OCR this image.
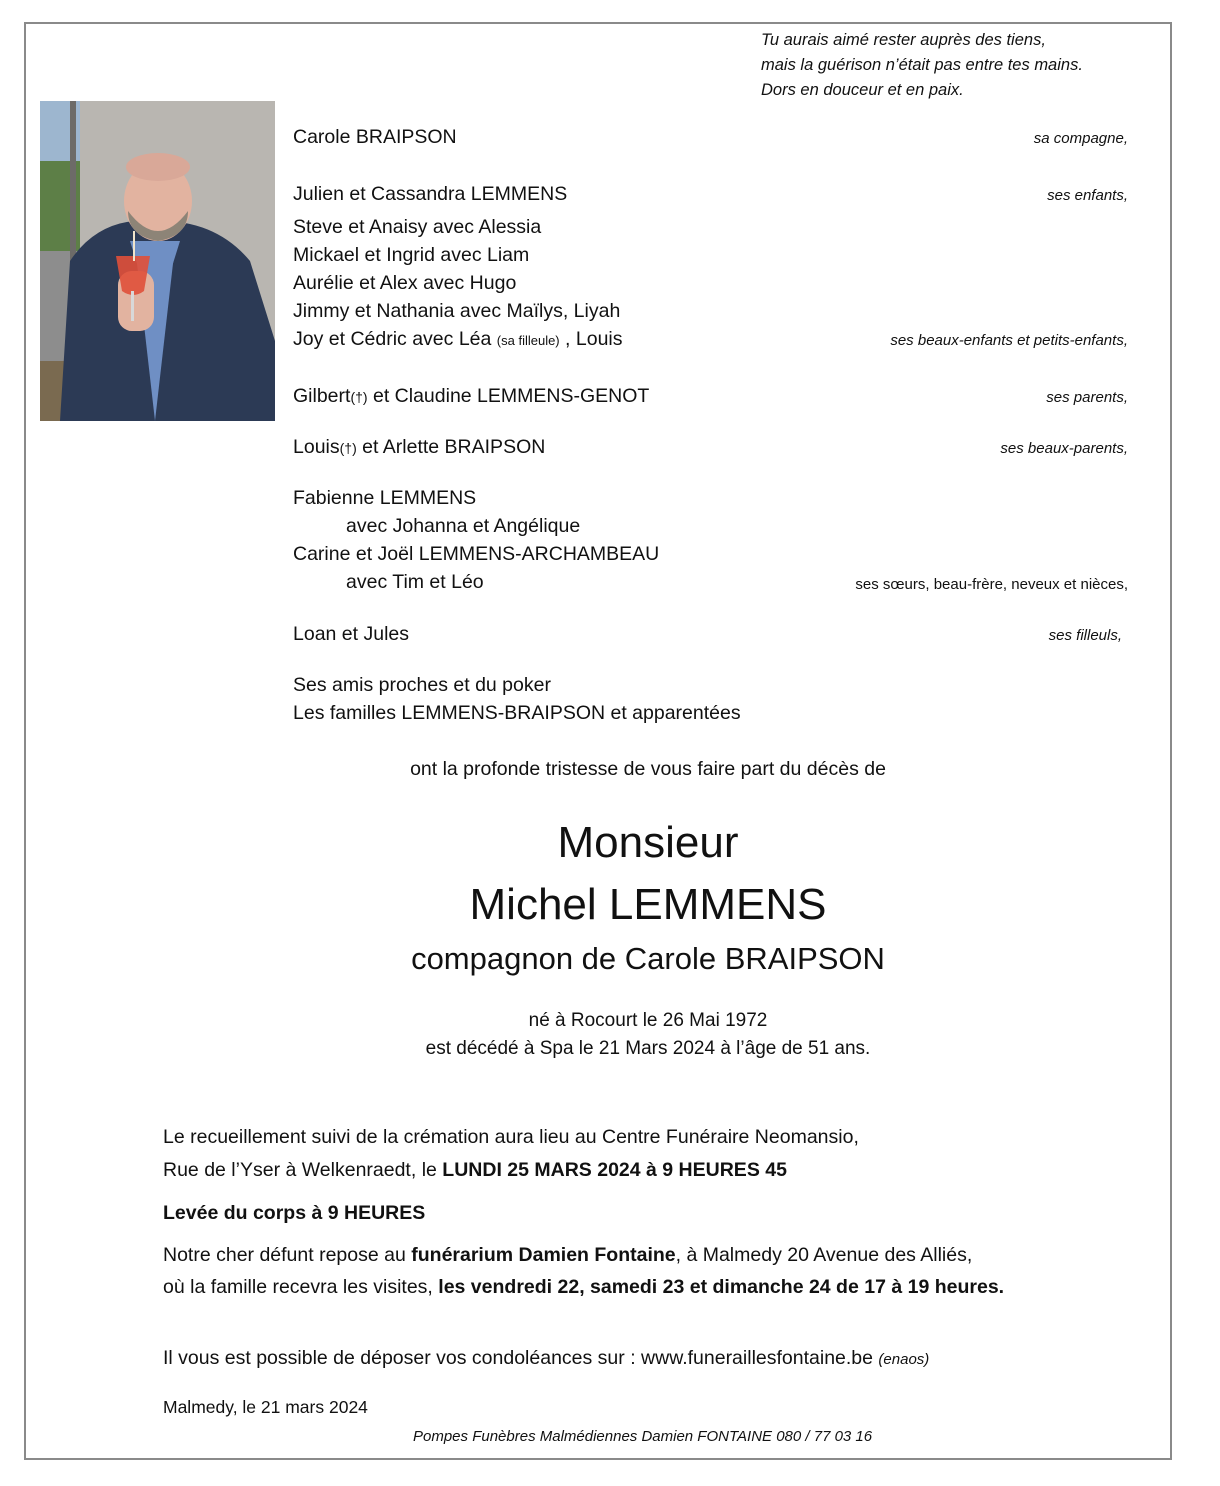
Tu aurais aimé rester auprès des tiens,
mais la guérison n’était pas entre tes mains.
Dors en douceur et en paix.
Carole BRAIPSON	sa compagne,
Julien et Cassandra LEMMENS	ses enfants,
Steve et Anaisy avec Alessia
Mickael et Ingrid avec Liam
Aurélie et Alex avec Hugo
Jimmy et Nathania avec Maïlys, Liyah
Joy et Cédric avec Léa (sa filleule) , Louis	ses beaux-enfants et petits-enfants,
Gilbert(†) et Claudine LEMMENS-GENOT	ses parents,
Louis(†) et Arlette BRAIPSON	ses beaux-parents,
Fabienne LEMMENS
avec Johanna et Angélique
Carine et Joël LEMMENS-ARCHAMBEAU
avec Tim et Léo	ses sœurs, beau-frère, neveux et nièces,
Loan et Jules	ses filleuls,
Ses amis proches et du poker
Les familles LEMMENS-BRAIPSON et apparentées
ont la profonde tristesse de vous faire part du décès de
Monsieur
Michel LEMMENS
compagnon de Carole BRAIPSON
né à Rocourt le 26 Mai 1972
est décédé à Spa le 21 Mars 2024 à l’âge de 51 ans.
Le recueillement suivi de la crémation aura lieu au Centre Funéraire Neomansio,
Rue de l’Yser à Welkenraedt, le LUNDI 25 MARS 2024 à 9 HEURES 45
Levée du corps à 9 HEURES
Notre cher défunt repose au funérarium Damien Fontaine, à Malmedy 20 Avenue des Alliés,
où la famille recevra les visites, les vendredi 22, samedi 23 et dimanche 24 de 17 à 19 heures.
Il vous est possible de déposer vos condoléances sur : www.funeraillesfontaine.be (enaos)
Malmedy, le 21 mars 2024
Pompes Funèbres Malmédiennes Damien FONTAINE 080 / 77 03 16
